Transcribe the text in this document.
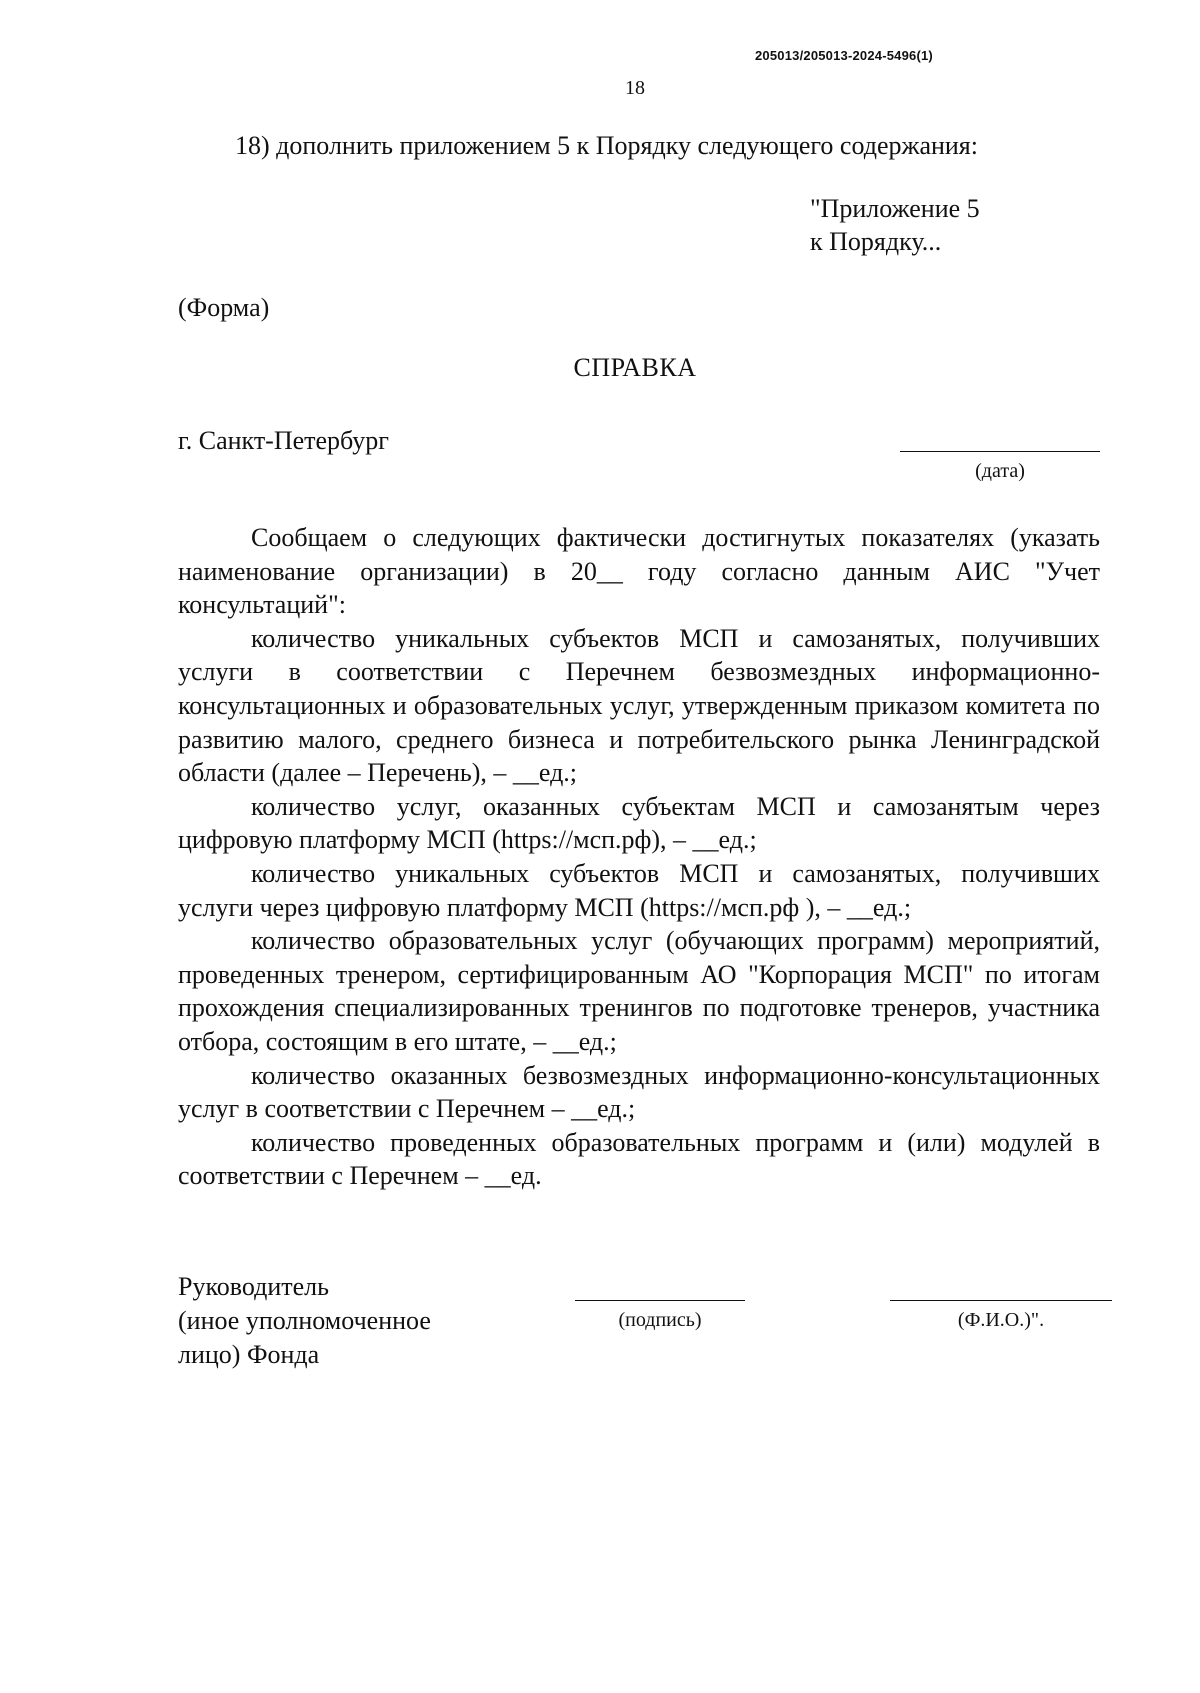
205013/205013-2024-5496(1)
18
18) дополнить приложением 5 к Порядку следующего содержания:
"Приложение 5
к Порядку...
(Форма)
СПРАВКА
г. Санкт-Петербург
(дата)

Сообщаем о следующих фактически достигнутых показателях (указать наименование организации) в 20__ году согласно данным АИС "Учет консультаций":

количество уникальных субъектов МСП и самозанятых, получивших услуги в соответствии с Перечнем безвозмездных информационно-консультационных и образовательных услуг, утвержденным приказом комитета по развитию малого, среднего бизнеса и потребительского рынка Ленинградской области (далее – Перечень), – __ед.;

количество услуг, оказанных субъектам МСП и самозанятым через цифровую платформу МСП (https://мсп.рф), – __ед.;

количество уникальных субъектов МСП и самозанятых, получивших услуги через цифровую платформу МСП (https://мсп.рф ), – __ед.;

количество образовательных услуг (обучающих программ) мероприятий, проведенных тренером, сертифицированным АО "Корпорация МСП" по итогам прохождения специализированных тренингов по подготовке тренеров, участника отбора, состоящим в его штате, – __ед.;

количество оказанных безвозмездных информационно-консультационных услуг в соответствии с Перечнем – __ед.;

количество проведенных образовательных программ и (или) модулей в соответствии с Перечнем – __ед.

Руководитель
(иное уполномоченное
лицо) Фонда
(подпись)	(Ф.И.О.)".
